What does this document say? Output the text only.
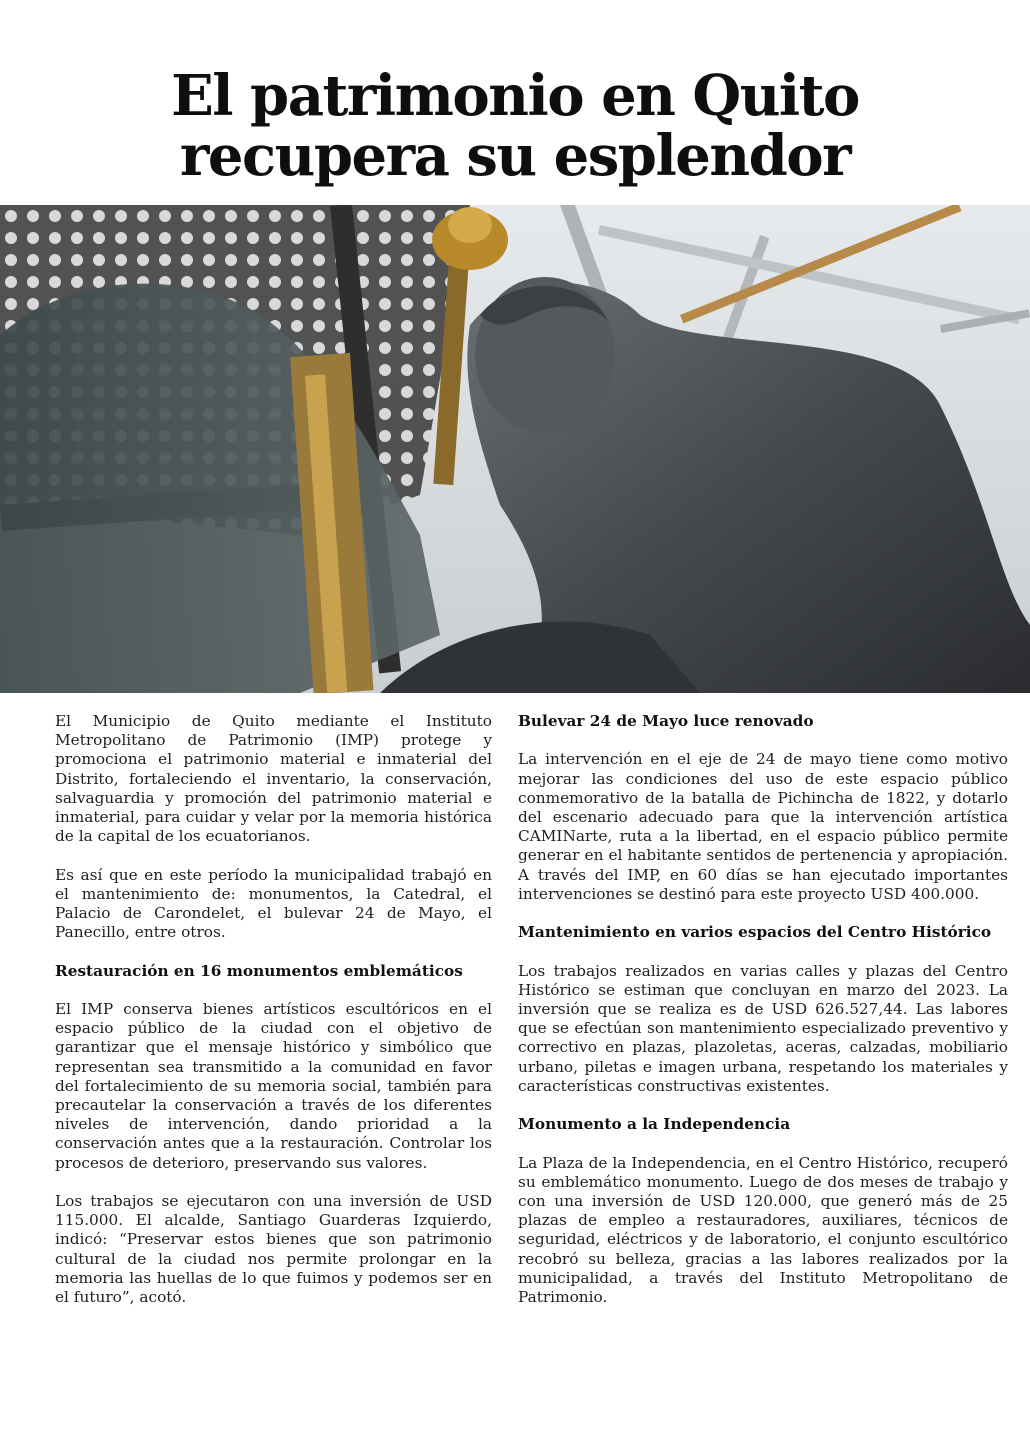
El patrimonio en Quito
recupera su esplendor

El Municipio de Quito mediante el Instituto Metropolitano de Patrimonio (IMP) protege y promociona el patrimonio material e inmaterial del Distrito, fortaleciendo el inventario, la conservación, salvaguardia y promoción del patrimonio material e inmaterial, para cuidar y velar por la memoria histórica de la capital de los ecuatorianos.

Es así que en este período la municipalidad trabajó en el mantenimiento de: monumentos, la Catedral, el Palacio de Carondelet, el bulevar 24 de Mayo, el Panecillo, entre otros.

Restauración en 16 monumentos emblemáticos

El IMP conserva bienes artísticos escultóricos en el espacio público de la ciudad con el objetivo de garantizar que el mensaje histórico y simbólico que representan sea transmitido a la comunidad en favor del fortalecimiento de su memoria social, también para precautelar la conservación a través de los diferentes niveles de intervención, dando prioridad a la conservación antes que a la restauración. Controlar los procesos de deterioro, preservando sus valores.

Los trabajos se ejecutaron con una inversión de USD 115.000. El alcalde, Santiago Guarderas Izquierdo, indicó: “Preservar estos bienes que son patrimonio cultural de la ciudad nos permite prolongar en la memoria las huellas de lo que fuimos y podemos ser en el futuro”, acotó.

Bulevar 24 de Mayo luce renovado

La intervención en el eje de 24 de mayo tiene como motivo mejorar las condiciones del uso de este espacio público conmemorativo de la batalla de Pichincha de 1822, y dotarlo del escenario adecuado para que la intervención artística CAMINarte, ruta a la libertad, en el espacio público permite generar en el habitante sentidos de pertenencia y apropiación. A través del IMP, en 60 días se han ejecutado importantes intervenciones se destinó para este proyecto USD 400.000.

Mantenimiento en varios espacios del Centro Histórico

Los trabajos realizados en varias calles y plazas del Centro Histórico se estiman que concluyan en marzo del 2023. La inversión que se realiza es de USD 626.527,44. Las labores que se efectúan son mantenimiento especializado preventivo y correctivo en plazas, plazoletas, aceras, calzadas, mobiliario urbano, piletas e imagen urbana, respetando los materiales y características constructivas existentes.

Monumento a la Independencia

La Plaza de la Independencia, en el Centro Histórico, recuperó su emblemático monumento. Luego de dos meses de trabajo y con una inversión de USD 120.000, que generó más de 25 plazas de empleo a restauradores, auxiliares, técnicos de seguridad, eléctricos y de laboratorio, el conjunto escultórico recobró su belleza, gracias a las labores realizados por la municipalidad, a través del Instituto Metropolitano de Patrimonio.
